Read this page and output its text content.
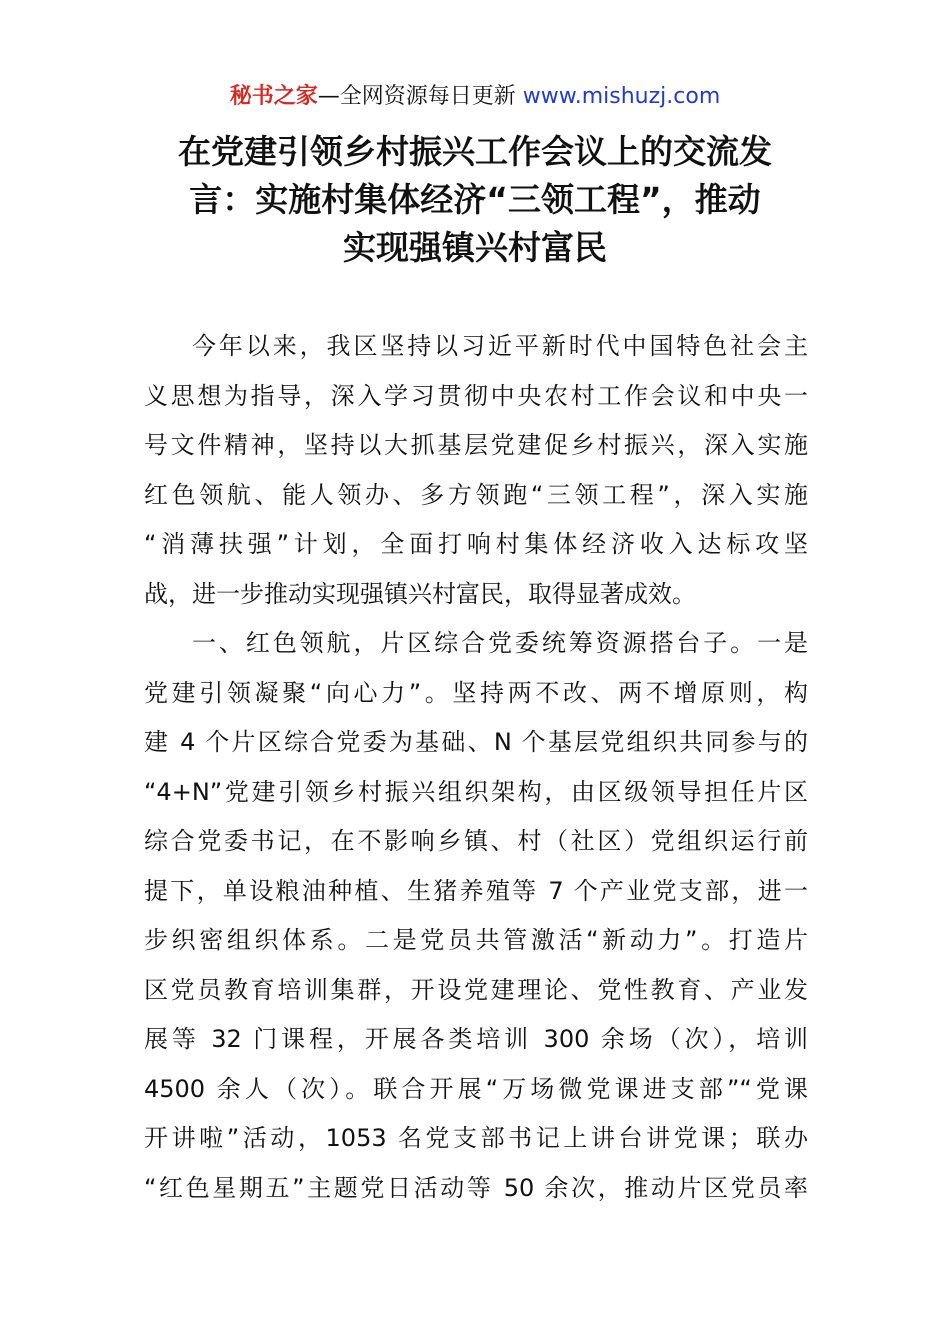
秘书之家—全网资源每日更新 www.mishuzj.com
在党建引领乡村振兴工作会议上的交流发
言：实施村集体经济“三领工程”，推动
实现强镇兴村富民
今年以来，我区坚持以习近平新时代中国特色社会主
义思想为指导，深入学习贯彻中央农村工作会议和中央一
号文件精神，坚持以大抓基层党建促乡村振兴，深入实施
红色领航、能人领办、多方领跑“三领工程”，深入实施
“消薄扶强”计划，全面打响村集体经济收入达标攻坚
战，进一步推动实现强镇兴村富民，取得显著成效。
一、红色领航，片区综合党委统筹资源搭台子。一是
党建引领凝聚“向心力”。坚持两不改、两不增原则，构
建 4 个片区综合党委为基础、N 个基层党组织共同参与的
“4+N”党建引领乡村振兴组织架构，由区级领导担任片区
综合党委书记，在不影响乡镇、村（社区）党组织运行前
提下，单设粮油种植、生猪养殖等 7 个产业党支部，进一
步织密组织体系。二是党员共管激活“新动力”。打造片
区党员教育培训集群，开设党建理论、党性教育、产业发
展等 32 门课程，开展各类培训 300 余场（次），培训
4500 余人（次）。联合开展“万场微党课进支部”“党课
开讲啦”活动，1053 名党支部书记上讲台讲党课；联办
“红色星期五”主题党日活动等 50 余次，推动片区党员率
